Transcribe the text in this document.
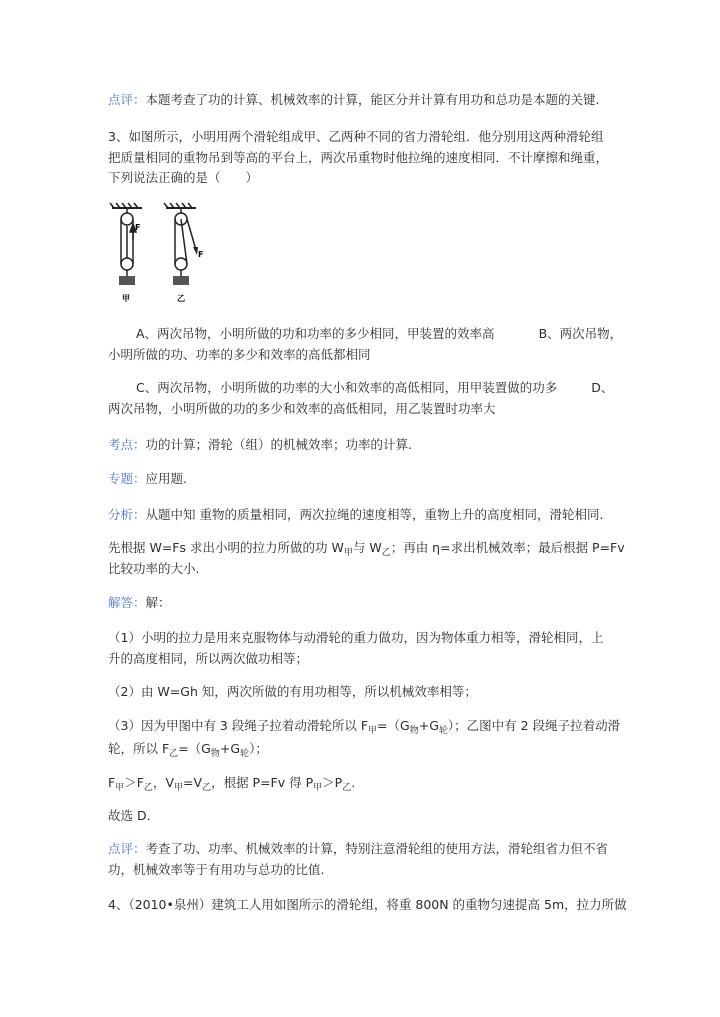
点评：本题考查了功的计算、机械效率的计算，能区分并计算有用功和总功是本题的关键.
3、如图所示，小明用两个滑轮组成甲、乙两种不同的省力滑轮组．他分别用这两种滑轮组
把质量相同的重物吊到等高的平台上，两次吊重物时他拉绳的速度相同．不计摩擦和绳重，
下列说法正确的是（　　）
F
甲
F
乙
A、两次吊物，小明所做的功和功率的多少相同，甲装置的效率高	B、两次吊物，
小明所做的功、功率的多少和效率的高低都相同
C、两次吊物，小明所做的功率的大小和效率的高低相同，用甲装置做的功多	D、
两次吊物，小明所做的功的多少和效率的高低相同，用乙装置时功率大
考点：功的计算；滑轮（组）的机械效率；功率的计算.
专题：应用题.
分析：从题中知 重物的质量相同，两次拉绳的速度相等，重物上升的高度相同，滑轮相同．
先根据 W=Fs 求出小明的拉力所做的功 $W_甲$与 $W_乙$；再由 η=求出机械效率；最后根据 P=Fv
比较功率的大小.
解答：解：
（1）小明的拉力是用来克服物体与动滑轮的重力做功，因为物体重力相等，滑轮相同，上
升的高度相同，所以两次做功相等；
（2）由 W=Gh 知，两次所做的有用功相等，所以机械效率相等；
（3）因为甲图中有 3 段绳子拉着动滑轮所以 $F_甲=(G_物+G_轮)$；乙图中有 2 段绳子拉着动滑
轮，所以 $F_乙=(G_物+G_轮)$；
$F_甲>F_乙$，$V_甲=V_乙$，根据 P=Fv 得 $P_甲>P_乙$.
故选 D.
点评：考查了功、功率、机械效率的计算，特别注意滑轮组的使用方法，滑轮组省力但不省
功，机械效率等于有用功与总功的比值.
4、（2010•泉州）建筑工人用如图所示的滑轮组，将重 800N 的重物匀速提高 5m，拉力所做
